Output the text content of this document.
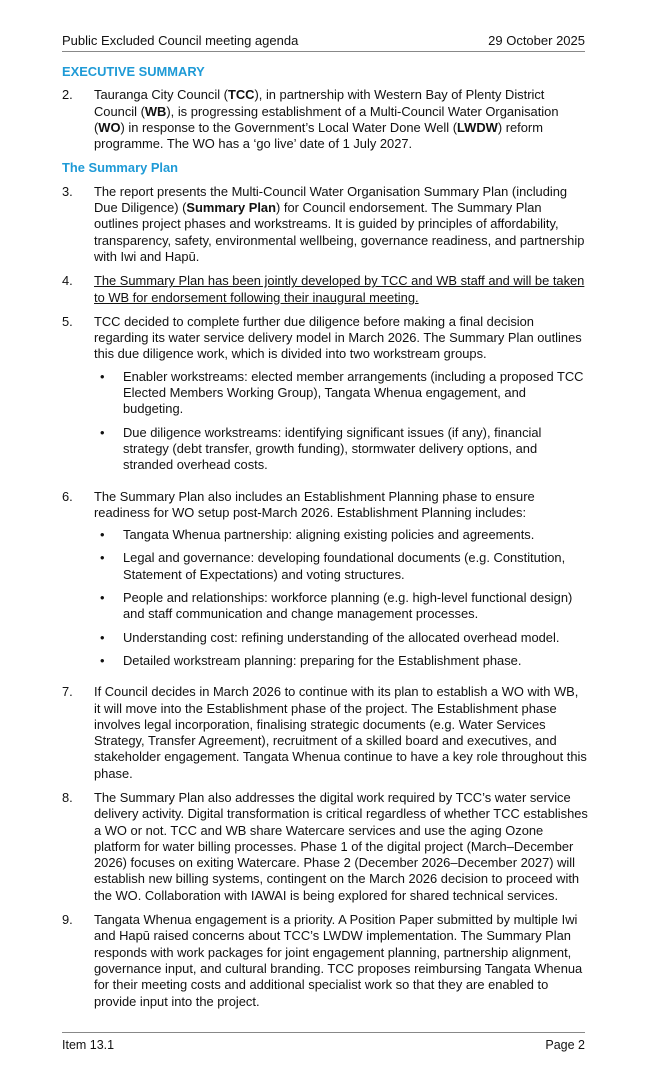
Public Excluded Council meeting agenda	29 October 2025
EXECUTIVE SUMMARY
2.	Tauranga City Council (TCC), in partnership with Western Bay of Plenty District Council (WB), is progressing establishment of a Multi-Council Water Organisation (WO) in response to the Government’s Local Water Done Well (LWDW) reform programme. The WO has a ‘go live’ date of 1 July 2027.
The Summary Plan
3.	The report presents the Multi-Council Water Organisation Summary Plan (including Due Diligence) (Summary Plan) for Council endorsement. The Summary Plan outlines project phases and workstreams. It is guided by principles of affordability, transparency, safety, environmental wellbeing, governance readiness, and partnership with Iwi and Hapū.
4.	The Summary Plan has been jointly developed by TCC and WB staff and will be taken to WB for endorsement following their inaugural meeting.
5.	TCC decided to complete further due diligence before making a final decision regarding its water service delivery model in March 2026. The Summary Plan outlines this due diligence work, which is divided into two workstream groups.
•	Enabler workstreams: elected member arrangements (including a proposed TCC Elected Members Working Group), Tangata Whenua engagement, and budgeting.
•	Due diligence workstreams: identifying significant issues (if any), financial strategy (debt transfer, growth funding), stormwater delivery options, and stranded overhead costs.
6.	The Summary Plan also includes an Establishment Planning phase to ensure readiness for WO setup post-March 2026. Establishment Planning includes:
•	Tangata Whenua partnership: aligning existing policies and agreements.
•	Legal and governance: developing foundational documents (e.g. Constitution, Statement of Expectations) and voting structures.
•	People and relationships: workforce planning (e.g. high-level functional design) and staff communication and change management processes.
•	Understanding cost: refining understanding of the allocated overhead model.
•	Detailed workstream planning: preparing for the Establishment phase.
7.	If Council decides in March 2026 to continue with its plan to establish a WO with WB, it will move into the Establishment phase of the project. The Establishment phase involves legal incorporation, finalising strategic documents (e.g. Water Services Strategy, Transfer Agreement), recruitment of a skilled board and executives, and stakeholder engagement. Tangata Whenua continue to have a key role throughout this phase.
8.	The Summary Plan also addresses the digital work required by TCC’s water service delivery activity. Digital transformation is critical regardless of whether TCC establishes a WO or not. TCC and WB share Watercare services and use the aging Ozone platform for water billing processes. Phase 1 of the digital project (March–December 2026) focuses on exiting Watercare. Phase 2 (December 2026–December 2027) will establish new billing systems, contingent on the March 2026 decision to proceed with the WO. Collaboration with IAWAI is being explored for shared technical services.
9.	Tangata Whenua engagement is a priority. A Position Paper submitted by multiple Iwi and Hapū raised concerns about TCC’s LWDW implementation. The Summary Plan responds with work packages for joint engagement planning, partnership alignment, governance input, and cultural branding. TCC proposes reimbursing Tangata Whenua for their meeting costs and additional specialist work so that they are enabled to provide input into the project.
Item 13.1	Page 2
